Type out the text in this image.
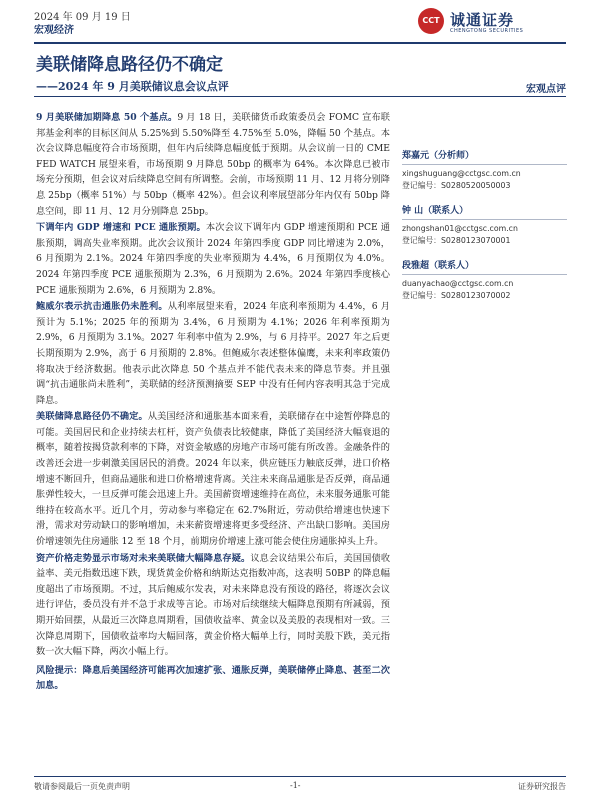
2024 年 09 月 19 日
宏观经济
CCT 诚通证券
CHENGTONG SECURITIES
美联储降息路径仍不确定
——2024 年 9 月美联储议息会议点评	宏观点评

9 月美联储加期降息 50 个基点。9 月 18 日，美联储货币政策委员会 FOMC 宣布联邦基金利率的目标区间从 5.25%到 5.50%降至 4.75%至 5.0%，降幅 50 个基点。本次会议降息幅度符合市场预期，但年内后续降息幅度低于预期。从会议前一日的 CME FED WATCH 展望来看，市场预期 9 月降息 50bp 的概率为 64%。本次降息已被市场充分预期，但会议对后续降息空间有所调整。会前，市场预期 11 月、12 月将分别降息 25bp（概率 51%）与 50bp（概率 42%）。但会议利率展望部分年内仅有 50bp 降息空间，即 11 月、12 月分别降息 25bp。

下调年内 GDP 增速和 PCE 通胀预期。本次会议下调年内 GDP 增速预期和 PCE 通胀预期，调高失业率预期。此次会议预计 2024 年第四季度 GDP 同比增速为 2.0%，6 月预期为 2.1%。2024 年第四季度的失业率预期为 4.4%，6 月预期仅为 4.0%。2024 年第四季度 PCE 通胀预期为 2.3%，6 月预期为 2.6%。2024 年第四季度核心 PCE 通胀预期为 2.6%，6 月预期为 2.8%。

鲍威尔表示抗击通胀仍未胜利。从利率展望来看，2024 年底利率预期为 4.4%，6 月预计为 5.1%；2025 年的预期为 3.4%，6 月预期为 4.1%；2026 年利率预期为 2.9%，6 月预期为 3.1%。2027 年利率中值为 2.9%，与 6 月持平。2027 年之后更长期预期为 2.9%，高于 6 月预期的 2.8%。但鲍威尔表述整体偏鹰，未来利率政策仍将取决于经济数据。他表示此次降息 50 个基点并不能代表未来的降息节奏。并且强调“抗击通胀尚未胜利”，美联储的经济预测摘要 SEP 中没有任何内容表明其急于完成降息。

美联储降息路径仍不确定。从美国经济和通胀基本面来看，美联储存在中途暂停降息的可能。美国居民和企业持续去杠杆，资产负债表比较健康，降低了美国经济大幅衰退的概率，随着按揭贷款利率的下降，对资金敏感的房地产市场可能有所改善。金融条件的改善还会进一步刺激美国居民的消费。2024 年以来，供应链压力触底反弹，进口价格增速不断回升，但商品通胀和进口价格增速背离。关注未来商品通胀是否反弹，商品通胀弹性较大，一旦反弹可能会迅速上升。美国薪资增速维持在高位，未来服务通胀可能维持在较高水平。近几个月，劳动参与率稳定在 62.7%附近，劳动供给增速也快速下滑，需求对劳动缺口的影响增加，未来薪资增速将更多受经济、产出缺口影响。美国房价增速领先住房通胀 12 至 18 个月，前期房价增速上涨可能会使住房通胀掉头上升。

资产价格走势显示市场对未来美联储大幅降息存疑。议息会议结果公布后，美国国债收益率、美元指数迅速下跌，现货黄金价格和纳斯达克指数冲高，这表明 50BP 的降息幅度超出了市场预期。不过，其后鲍威尔发表，对未来降息没有预设的路径，将逐次会议进行评估，委员没有并不急于求成等言论。市场对后续继续大幅降息预期有所减弱，预期开始回摆，从最近三次降息周期看，国债收益率、黄金以及美股的表现相对一致。三次降息周期下，国债收益率均大幅回落，黄金价格大幅单上行，同时美股下跌，美元指数一次大幅下降，两次小幅上行。

风险提示：降息后美国经济可能再次加速扩张、通胀反弹，美联储停止降息、甚至二次加息。

郑嘉元（分析师）
xingshuguang@cctgsc.com.cn
登记编号：S0280520050003
钟 山（联系人）
zhongshan01@cctgsc.com.cn
登记编号：S0280123070001
段雅超（联系人）
duanyachao@cctgsc.com.cn
登记编号：S0280123070002
敬请参阅最后一页免责声明	-1-	证券研究报告
